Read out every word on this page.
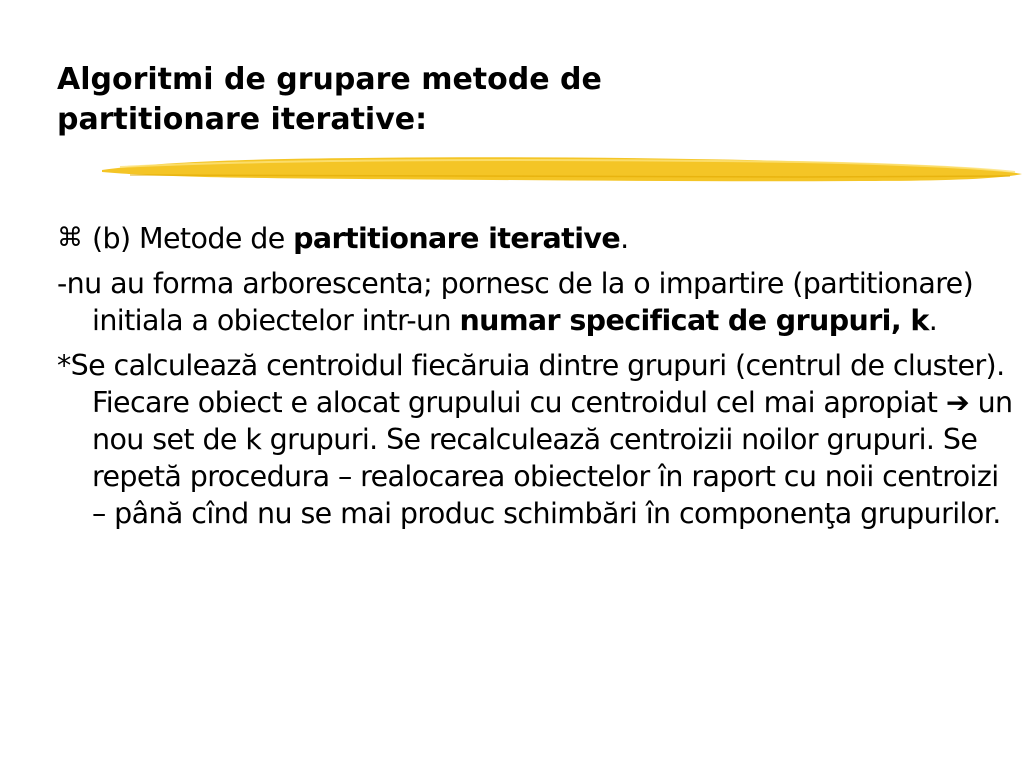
Algoritmi de grupare metode de
partitionare iterative:
⌘ (b) Metode de partitionare iterative.
-nu au forma arborescenta; pornesc de la o impartire (partitionare) initiala a obiectelor intr-un numar specificat de grupuri, k.
*Se calculează centroidul fiecăruia dintre grupuri (centrul de cluster). Fiecare obiect e alocat grupului cu centroidul cel mai apropiat ➔ un nou set de k grupuri. Se recalculează centroizii noilor grupuri. Se repetă procedura – realocarea obiectelor în raport cu noii centroizi – până cînd nu se mai produc schimbări în componenţa grupurilor.
